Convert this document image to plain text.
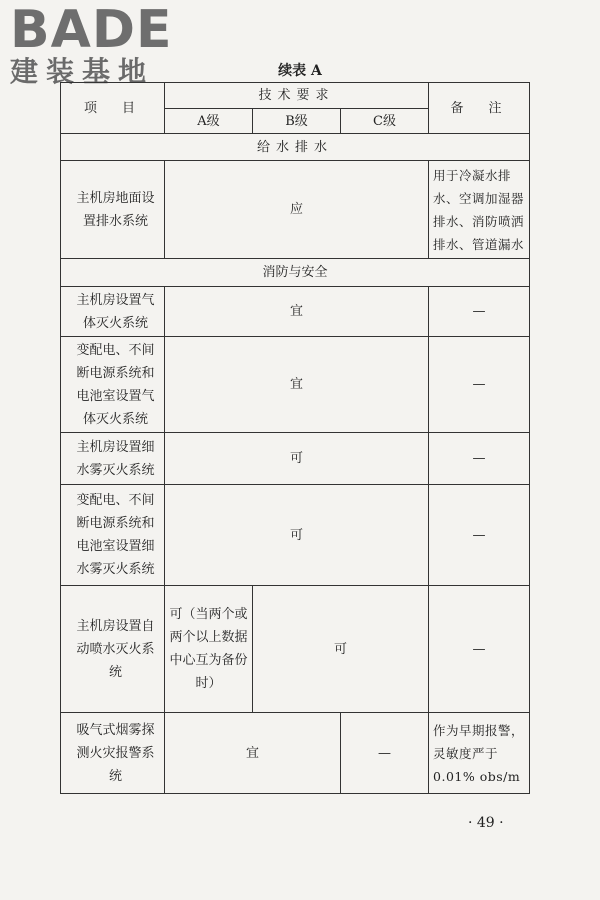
BADE
建装基地	续表 A
项　目	技术要求			备　注
	A级	B级	C级	
给水排水				
主机房地面设置排水系统	应			用于冷凝水排水、空调加湿器排水、消防喷洒排水、管道漏水
消防与安全				
主机房设置气体灭火系统	宜			—
变配电、不间断电源系统和电池室设置气体灭火系统	宜			—
主机房设置细水雾灭火系统	可			—
变配电、不间断电源系统和电池室设置细水雾灭火系统	可			—
主机房设置自动喷水灭火系统	可（当两个或两个以上数据中心互为备份时）	可		—
吸气式烟雾探测火灾报警系统	宜		—	作为早期报警，灵敏度严于0.01% obs/m
· 49 ·
